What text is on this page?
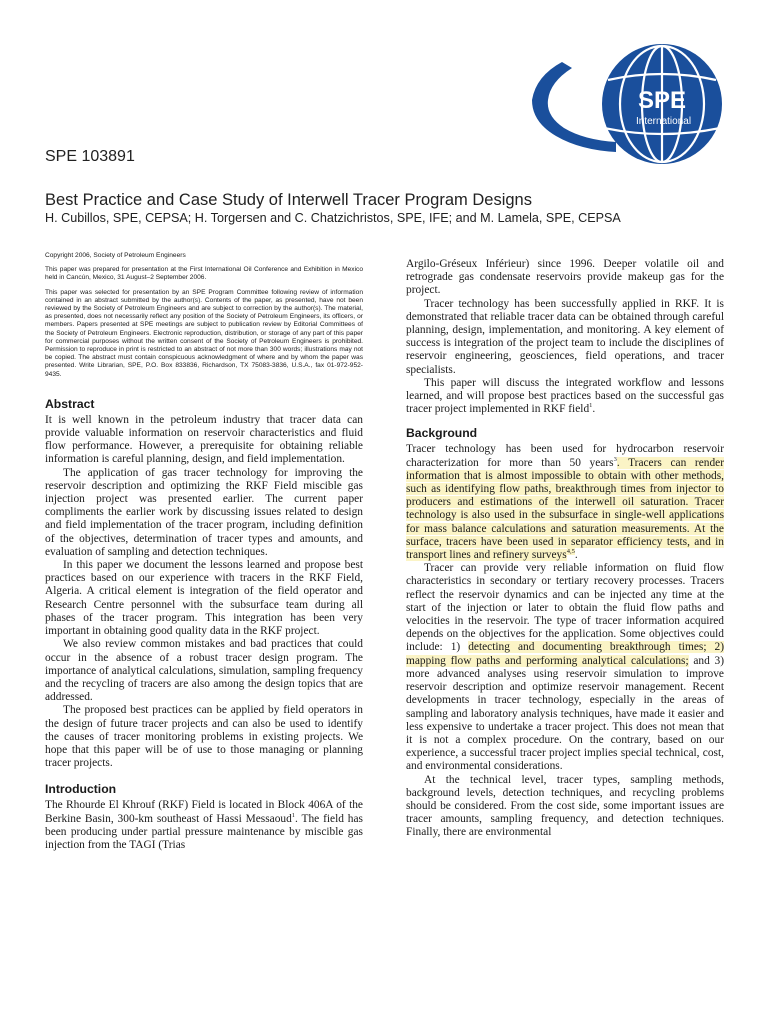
SPE
International
SPE 103891
Best Practice and Case Study of Interwell Tracer Program Designs
H. Cubillos, SPE, CEPSA; H. Torgersen and C. Chatzichristos, SPE, IFE; and M. Lamela, SPE, CEPSA

Copyright 2006, Society of Petroleum Engineers

This paper was prepared for presentation at the First International Oil Conference and Exhibition in Mexico held in Cancún, Mexico, 31 August–2 September 2006.

This paper was selected for presentation by an SPE Program Committee following review of information contained in an abstract submitted by the author(s). Contents of the paper, as presented, have not been reviewed by the Society of Petroleum Engineers and are subject to correction by the author(s). The material, as presented, does not necessarily reflect any position of the Society of Petroleum Engineers, its officers, or members. Papers presented at SPE meetings are subject to publication review by Editorial Committees of the Society of Petroleum Engineers. Electronic reproduction, distribution, or storage of any part of this paper for commercial purposes without the written consent of the Society of Petroleum Engineers is prohibited. Permission to reproduce in print is restricted to an abstract of not more than 300 words; illustrations may not be copied. The abstract must contain conspicuous acknowledgment of where and by whom the paper was presented. Write Librarian, SPE, P.O. Box 833836, Richardson, TX 75083-3836, U.S.A., fax 01-972-952-9435.

Abstract

It is well known in the petroleum industry that tracer data can provide valuable information on reservoir characteristics and fluid flow performance. However, a prerequisite for obtaining reliable information is careful planning, design, and field implementation.

The application of gas tracer technology for improving the reservoir description and optimizing the RKF Field miscible gas injection project was presented earlier. The current paper compliments the earlier work by discussing issues related to design and field implementation of the tracer program, including definition of the objectives, determination of tracer types and amounts, and evaluation of sampling and detection techniques.

In this paper we document the lessons learned and propose best practices based on our experience with tracers in the RKF Field, Algeria. A critical element is integration of the field operator and Research Centre personnel with the subsurface team during all phases of the tracer program. This integration has been very important in obtaining good quality data in the RKF project.

We also review common mistakes and bad practices that could occur in the absence of a robust tracer design program. The importance of analytical calculations, simulation, sampling frequency and the recycling of tracers are also among the design topics that are addressed.

The proposed best practices can be applied by field operators in the design of future tracer projects and can also be used to identify the causes of tracer monitoring problems in existing projects. We hope that this paper will be of use to those managing or planning tracer projects.

Introduction

The Rhourde El Khrouf (RKF) Field is located in Block 406A of the Berkine Basin, 300-km southeast of Hassi Messaoud$^1$. The field has been producing under partial pressure maintenance by miscible gas injection from the TAGI (Trias

Argilo-Gréseux Inférieur) since 1996. Deeper volatile oil and retrograde gas condensate reservoirs provide makeup gas for the project.

Tracer technology has been successfully applied in RKF. It is demonstrated that reliable tracer data can be obtained through careful planning, design, implementation, and monitoring. A key element of success is integration of the project team to include the disciplines of reservoir engineering, geosciences, field operations, and tracer specialists.

This paper will discuss the integrated workflow and lessons learned, and will propose best practices based on the successful gas tracer project implemented in RKF field$^1$.

Background

Tracer technology has been used for hydrocarbon reservoir characterization for more than 50 years$^3$. Tracers can render information that is almost impossible to obtain with other methods, such as identifying flow paths, breakthrough times from injector to producers and estimations of the interwell oil saturation. Tracer technology is also used in the subsurface in single-well applications for mass balance calculations and saturation measurements. At the surface, tracers have been used in separator efficiency tests, and in transport lines and refinery surveys$^{4,5}$.

Tracer can provide very reliable information on fluid flow characteristics in secondary or tertiary recovery processes. Tracers reflect the reservoir dynamics and can be injected any time at the start of the injection or later to obtain the fluid flow paths and velocities in the reservoir. The type of tracer information acquired depends on the objectives for the application. Some objectives could include: 1) detecting and documenting breakthrough times; 2) mapping flow paths and performing analytical calculations; and 3) more advanced analyses using reservoir simulation to improve reservoir description and optimize reservoir management. Recent developments in tracer technology, especially in the areas of sampling and laboratory analysis techniques, have made it easier and less expensive to undertake a tracer project. This does not mean that it is not a complex procedure. On the contrary, based on our experience, a successful tracer project implies special technical, cost, and environmental considerations.

At the technical level, tracer types, sampling methods, background levels, detection techniques, and recycling problems should be considered. From the cost side, some important issues are tracer amounts, sampling frequency, and detection techniques. Finally, there are environmental
